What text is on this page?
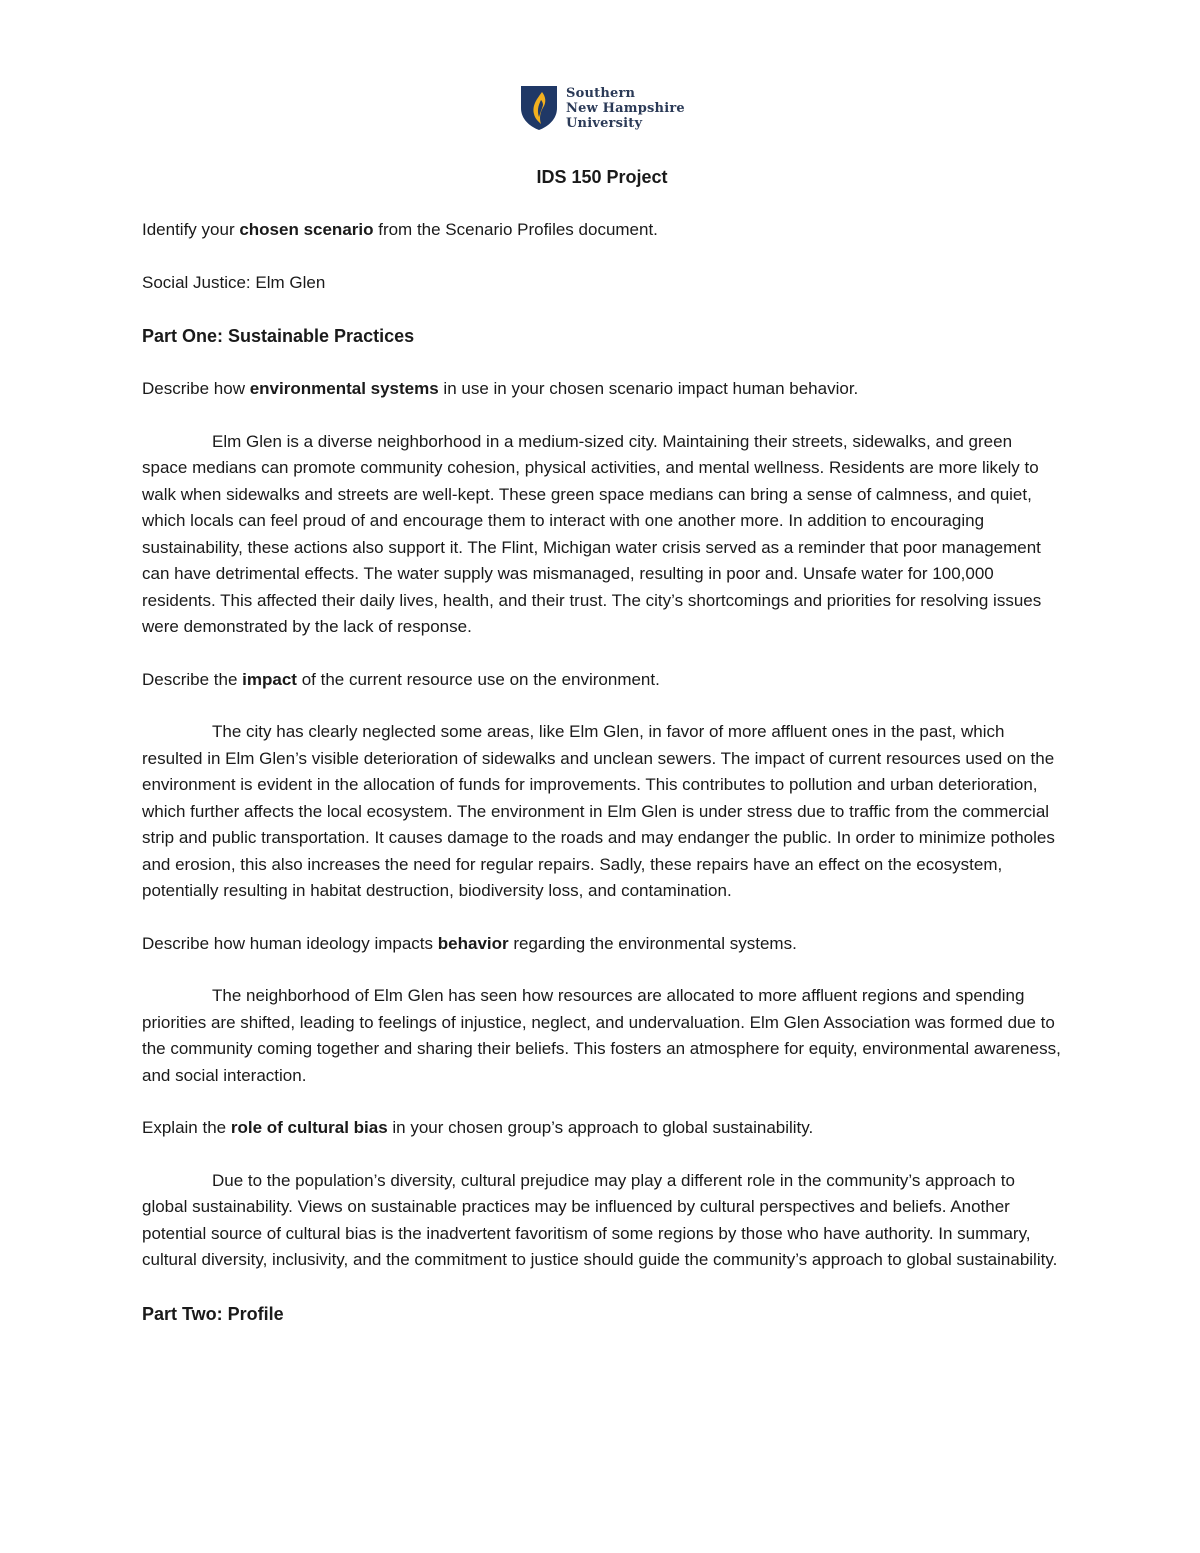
Southern
New Hampshire
University
IDS 150 Project

Identify your chosen scenario from the Scenario Profiles document.

Social Justice: Elm Glen

Part One: Sustainable Practices

Describe how environmental systems in use in your chosen scenario impact human behavior.

Elm Glen is a diverse neighborhood in a medium-sized city. Maintaining their streets, sidewalks, and green space medians can promote community cohesion, physical activities, and mental wellness. Residents are more likely to walk when sidewalks and streets are well-kept. These green space medians can bring a sense of calmness, and quiet, which locals can feel proud of and encourage them to interact with one another more. In addition to encouraging sustainability, these actions also support it. The Flint, Michigan water crisis served as a reminder that poor management can have detrimental effects. The water supply was mismanaged, resulting in poor and. Unsafe water for 100,000 residents. This affected their daily lives, health, and their trust. The city’s shortcomings and priorities for resolving issues were demonstrated by the lack of response.

Describe the impact of the current resource use on the environment.

The city has clearly neglected some areas, like Elm Glen, in favor of more affluent ones in the past, which resulted in Elm Glen’s visible deterioration of sidewalks and unclean sewers. The impact of current resources used on the environment is evident in the allocation of funds for improvements. This contributes to pollution and urban deterioration, which further affects the local ecosystem. The environment in Elm Glen is under stress due to traffic from the commercial strip and public transportation. It causes damage to the roads and may endanger the public. In order to minimize potholes and erosion, this also increases the need for regular repairs. Sadly, these repairs have an effect on the ecosystem, potentially resulting in habitat destruction, biodiversity loss, and contamination.

Describe how human ideology impacts behavior regarding the environmental systems.

The neighborhood of Elm Glen has seen how resources are allocated to more affluent regions and spending priorities are shifted, leading to feelings of injustice, neglect, and undervaluation. Elm Glen Association was formed due to the community coming together and sharing their beliefs. This fosters an atmosphere for equity, environmental awareness, and social interaction.

Explain the role of cultural bias in your chosen group’s approach to global sustainability.

Due to the population’s diversity, cultural prejudice may play a different role in the community’s approach to global sustainability. Views on sustainable practices may be influenced by cultural perspectives and beliefs. Another potential source of cultural bias is the inadvertent favoritism of some regions by those who have authority. In summary, cultural diversity, inclusivity, and the commitment to justice should guide the community’s approach to global sustainability.

Part Two: Profile
